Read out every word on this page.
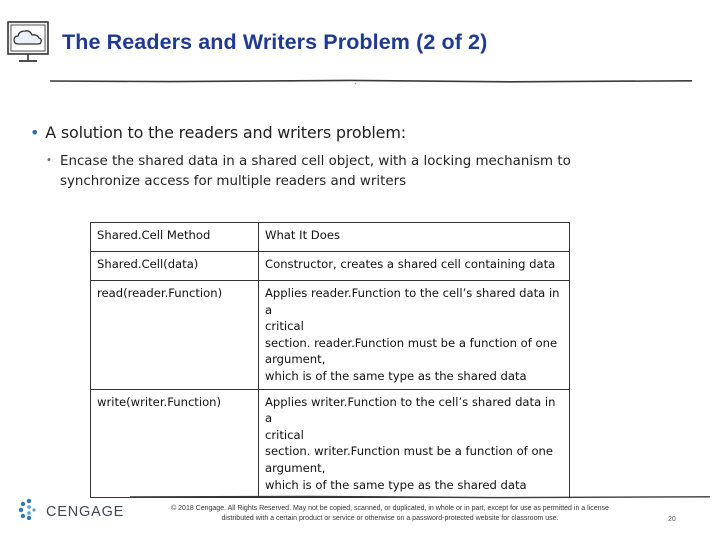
The Readers and Writers Problem (2 of 2)
• A solution to the readers and writers problem:
• Encase the shared data in a shared cell object, with a locking mechanism to synchronize access for multiple readers and writers
Shared.Cell Method	What It Does
Shared.Cell(data)	Constructor, creates a shared cell containing data

read(reader.Function)	Applies reader.Function to the cell’s shared data in a
critical
section. reader.Function must be a function of one
argument,
which is of the same type as the shared data

write(writer.Function)	Applies writer.Function to the cell’s shared data in a
critical
section. writer.Function must be a function of one
argument,
which is of the same type as the shared data
CENGAGE	© 2018 Cengage. All Rights Reserved. May not be copied, scanned, or duplicated, in whole or in part, except for use as permitted in a license
distributed with a certain product or service or otherwise on a password-protected website for classroom use.	20
